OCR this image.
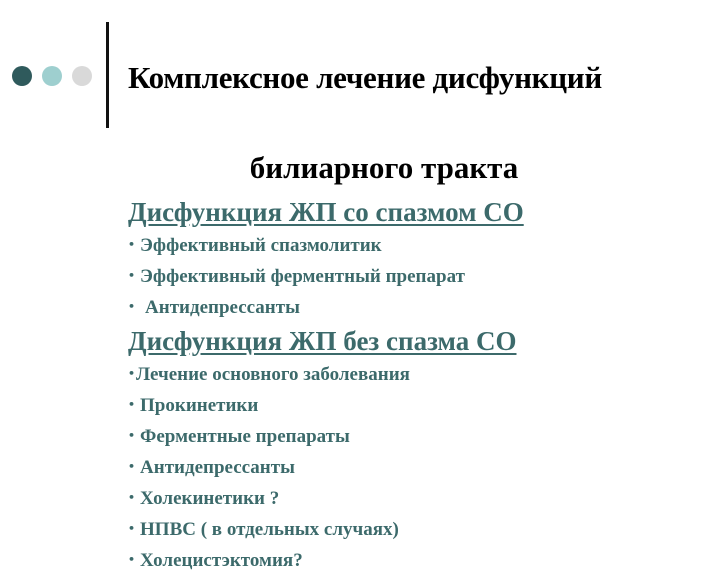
Комплексное лечение дисфункций
билиарного тракта

Дисфункция ЖП со спазмом СО

• Эффективный спазмолитик

• Эффективный ферментный препарат

• Антидепрессанты

Дисфункция ЖП без спазма СО

•Лечение основного заболевания

• Прокинетики

• Ферментные препараты

• Антидепрессанты

• Холекинетики ?

• НПВС ( в отдельных случаях)

• Холецистэктомия?
